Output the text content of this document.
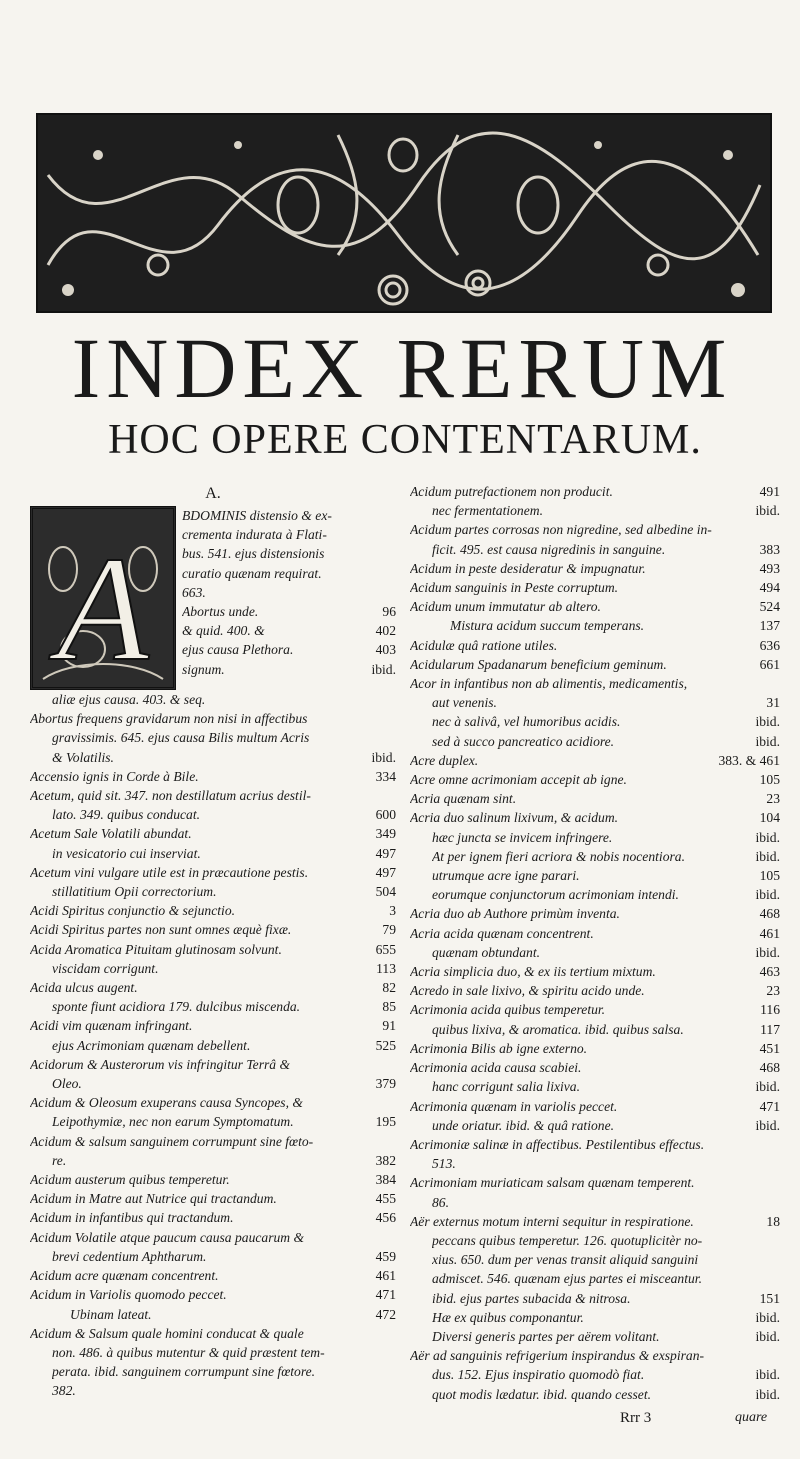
INDEX RERUM
HOC OPERE CONTENTARUM.
A.
A
BDOMINIS distensio & ex-
crementa indurata à Flati-
bus. 541. ejus distensionis
curatio quænam requirat.
663.
Abortus unde.	96
& quid. 400. &	402
ejus causa Plethora.	403
signum.	ibid.
aliæ ejus causa. 403. & seq.
Abortus frequens gravidarum non nisi in affectibus
gravissimis. 645. ejus causa Bilis multum Acris
& Volatilis.	ibid.
Accensio ignis in Corde à Bile.	334
Acetum, quid sit. 347. non destillatum acrius destil-
lato. 349. quibus conducat.	600
Acetum Sale Volatili abundat.	349
in vesicatorio cui inserviat.	497
Acetum vini vulgare utile est in præcautione pestis.	497
stillatitium Opii correctorium.	504
Acidi Spiritus conjunctio & sejunctio.	3
Acidi Spiritus partes non sunt omnes æquè fixæ.	79
Acida Aromatica Pituitam glutinosam solvunt.	655
viscidam corrigunt.	113
Acida ulcus augent.	82
sponte fiunt acidiora 179. dulcibus miscenda.	85
Acidi vim quænam infringant.	91
ejus Acrimoniam quænam debellent.	525
Acidorum & Austerorum vis infringitur Terrâ &
Oleo.	379
Acidum & Oleosum exuperans causa Syncopes, &
Leipothymiæ, nec non earum Symptomatum.	195
Acidum & salsum sanguinem corrumpunt sine fœto-
re.	382
Acidum austerum quibus temperetur.	384
Acidum in Matre aut Nutrice qui tractandum.	455
Acidum in infantibus qui tractandum.	456
Acidum Volatile atque paucum causa paucarum &
brevi cedentium Aphtharum.	459
Acidum acre quænam concentrent.	461
Acidum in Variolis quomodo peccet.	471
Ubinam lateat.	472
Acidum & Salsum quale homini conducat & quale
non. 486. à quibus mutentur & quid præstent tem-
perata. ibid. sanguinem corrumpunt sine fœtore.
382.
Acidum putrefactionem non producit.	491
nec fermentationem.	ibid.
Acidum partes corrosas non nigredine, sed albedine in-
ficit. 495. est causa nigredinis in sanguine.	383
Acidum in peste desideratur & impugnatur.	493
Acidum sanguinis in Peste corruptum.	494
Acidum unum immutatur ab altero.	524
Mistura acidum succum temperans.	137
Acidulæ quâ ratione utiles.	636
Acidularum Spadanarum beneficium geminum.	661
Acor in infantibus non ab alimentis, medicamentis,
aut venenis.	31
nec à salivâ, vel humoribus acidis.	ibid.
sed à succo pancreatico acidiore.	ibid.
Acre duplex.	383. & 461
Acre omne acrimoniam accepit ab igne.	105
Acria quænam sint.	23
Acria duo salinum lixivum, & acidum.	104
hæc juncta se invicem infringere.	ibid.
At per ignem fieri acriora & nobis nocentiora.	ibid.
utrumque acre igne parari.	105
eorumque conjunctorum acrimoniam intendi.	ibid.
Acria duo ab Authore primùm inventa.	468
Acria acida quænam concentrent.	461
quænam obtundant.	ibid.
Acria simplicia duo, & ex iis tertium mixtum.	463
Acredo in sale lixivo, & spiritu acido unde.	23
Acrimonia acida quibus temperetur.	116
quibus lixiva, & aromatica. ibid. quibus salsa.	117
Acrimonia Bilis ab igne externo.	451
Acrimonia acida causa scabiei.	468
hanc corrigunt salia lixiva.	ibid.
Acrimonia quænam in variolis peccet.	471
unde oriatur. ibid. & quâ ratione.	ibid.
Acrimoniæ salinæ in affectibus. Pestilentibus effectus.
513.
Acrimoniam muriaticam salsam quænam temperent.
86.
Aër externus motum interni sequitur in respiratione.	18
peccans quibus temperetur. 126. quotuplicitèr no-
xius. 650. dum per venas transit aliquid sanguini
admiscet. 546. quænam ejus partes ei misceantur.
ibid. ejus partes subacida & nitrosa.	151
Hæ ex quibus componantur.	ibid.
Diversi generis partes per aërem volitant.	ibid.
Aër ad sanguinis refrigerium inspirandus & exspiran-
dus. 152. Ejus inspiratio quomodò fiat.	ibid.
quot modis lædatur. ibid. quando cesset.	ibid.
Rrr 3	quare
